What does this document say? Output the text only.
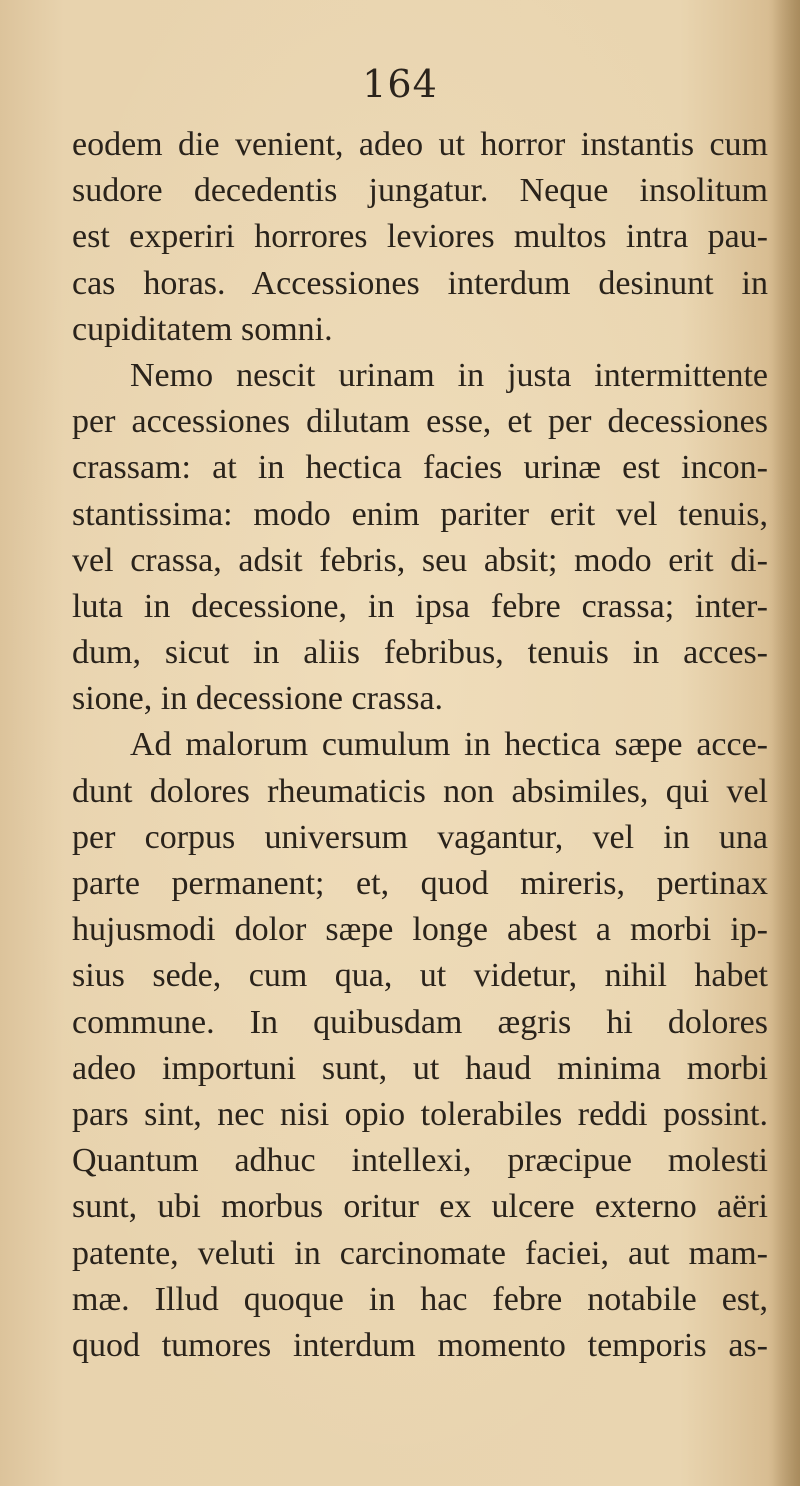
164
eodem die venient, adeo ut horror instantis cum
sudore decedentis jungatur. Neque insolitum
est experiri horrores leviores multos intra pau-
cas horas. Accessiones interdum desinunt in
cupiditatem somni.
Nemo nescit urinam in justa intermittente
per accessiones dilutam esse, et per decessiones
crassam: at in hectica facies urinæ est incon-
stantissima: modo enim pariter erit vel tenuis,
vel crassa, adsit febris, seu absit; modo erit di-
luta in decessione, in ipsa febre crassa; inter-
dum, sicut in aliis febribus, tenuis in acces-
sione, in decessione crassa.
Ad malorum cumulum in hectica sæpe acce-
dunt dolores rheumaticis non absimiles, qui vel
per corpus universum vagantur, vel in una
parte permanent; et, quod mireris, pertinax
hujusmodi dolor sæpe longe abest a morbi ip-
sius sede, cum qua, ut videtur, nihil habet
commune. In quibusdam ægris hi dolores
adeo importuni sunt, ut haud minima morbi
pars sint, nec nisi opio tolerabiles reddi possint.
Quantum adhuc intellexi, præcipue molesti
sunt, ubi morbus oritur ex ulcere externo aëri
patente, veluti in carcinomate faciei, aut mam-
mæ. Illud quoque in hac febre notabile est,
quod tumores interdum momento temporis as-
